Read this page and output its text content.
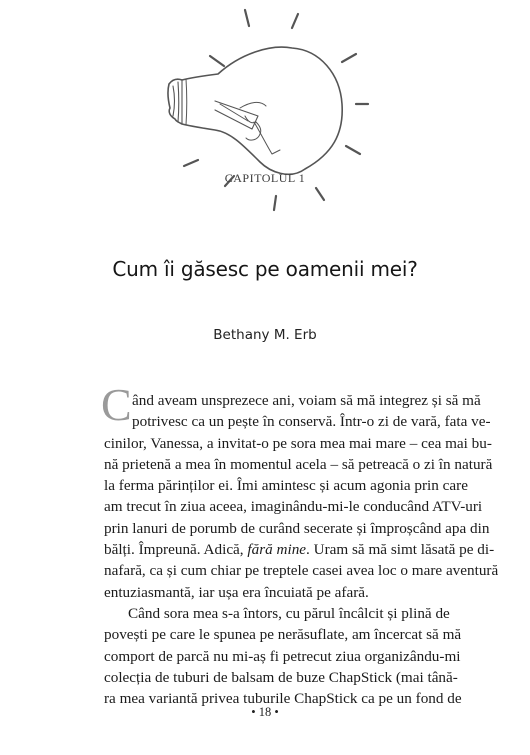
CAPITOLUL 1
Cum îi găsesc pe oamenii mei?
Bethany M. Erb
C ând aveam unsprezece ani, voiam să mă integrez și să mă
potrivesc ca un pește în conservă. Într-o zi de vară, fata ve-
cinilor, Vanessa, a invitat-o pe sora mea mai mare – cea mai bu-
nă prietenă a mea în momentul acela – să petreacă o zi în natură
la ferma părinților ei. Îmi amintesc și acum agonia prin care
am trecut în ziua aceea, imaginându-mi-le conducând ATV-uri
prin lanuri de porumb de curând secerate și împroșcând apa din
bălți. Împreună. Adică, fără mine. Uram să mă simt lăsată pe di-
nafară, ca și cum chiar pe treptele casei avea loc o mare aventură
entuziasmantă, iar ușa era încuiată pe afară.
Când sora mea s-a întors, cu părul încâlcit și plină de
povești pe care le spunea pe nerăsuflate, am încercat să mă
comport de parcă nu mi-aș fi petrecut ziua organizându-mi
colecția de tuburi de balsam de buze ChapStick (mai tână-
ra mea variantă privea tuburile ChapStick ca pe un fond de
• 18 •
